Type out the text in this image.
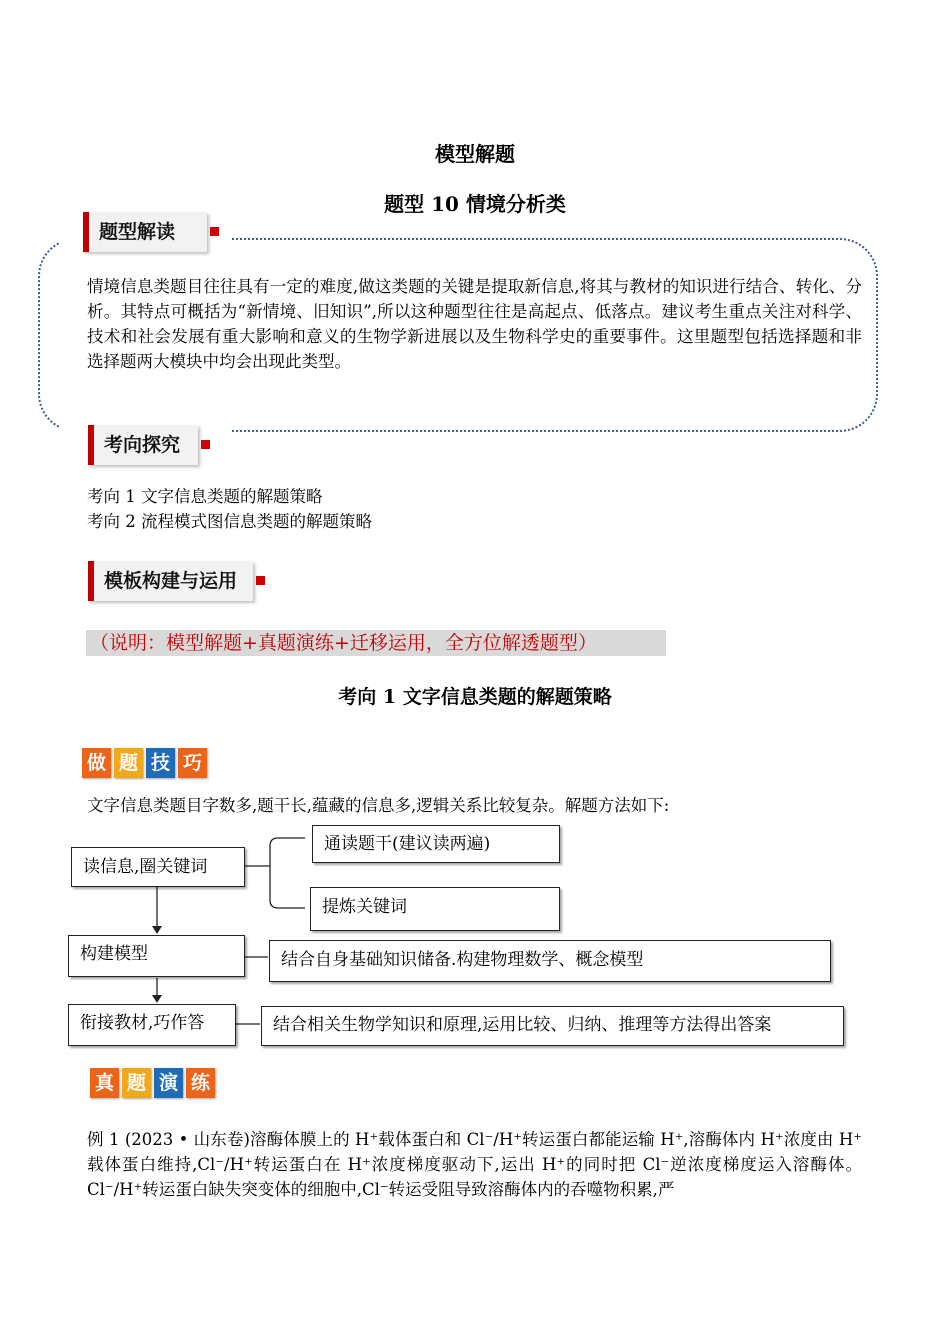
模型解题
题型 10 情境分析类
题型解读
情境信息类题目往往具有一定的难度,做这类题的关键是提取新信息,将其与教材的知识进行结合、转化、分析。其特点可概括为“新情境、旧知识”,所以这种题型往往是高起点、低落点。建议考生重点关注对科学、技术和社会发展有重大影响和意义的生物学新进展以及生物科学史的重要事件。这里题型包括选择题和非选择题两大模块中均会出现此类型。
考向探究
考向 1 文字信息类题的解题策略
考向 2 流程模式图信息类题的解题策略
模板构建与运用
（说明：模型解题+真题演练+迁移运用，全方位解透题型）
考向 1 文字信息类题的解题策略
做 题 技 巧
文字信息类题目字数多,题干长,蕴藏的信息多,逻辑关系比较复杂。解题方法如下:
读信息,圈关键词
通读题干(建议读两遍)
提炼关键词
构建模型	结合自身基础知识储备.构建物理数学、概念模型
衔接教材,巧作答	结合相关生物学知识和原理,运用比较、归纳、推理等方法得出答案
真 题 演 练
例 1 (2023 • 山东卷)溶酶体膜上的 H⁺载体蛋白和 Cl⁻/H⁺转运蛋白都能运输 H⁺,溶酶体内 H⁺浓度由 H⁺载体蛋白维持,Cl⁻/H⁺转运蛋白在 H⁺浓度梯度驱动下,运出 H⁺的同时把 Cl⁻逆浓度梯度运入溶酶体。Cl⁻/H⁺转运蛋白缺失突变体的细胞中,Cl⁻转运受阻导致溶酶体内的吞噬物积累,严
